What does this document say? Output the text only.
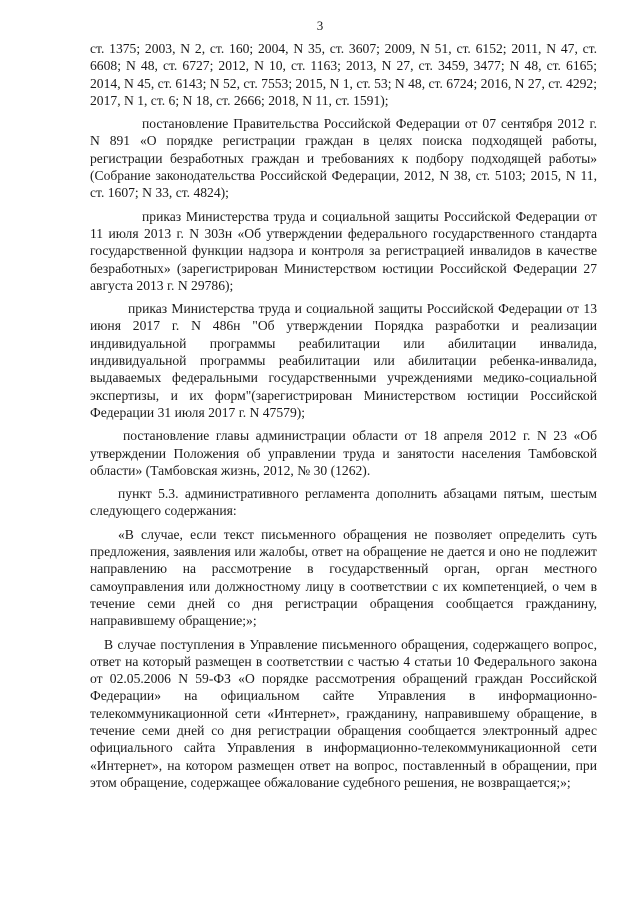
3

ст. 1375; 2003, N 2, ст. 160; 2004, N 35, ст. 3607; 2009, N 51, ст. 6152; 2011, N 47, ст. 6608; N 48, ст. 6727; 2012, N 10, ст. 1163; 2013, N 27, ст. 3459, 3477; N 48, ст. 6165; 2014, N 45, ст. 6143; N 52, ст. 7553; 2015, N 1, ст. 53; N 48, ст. 6724; 2016, N 27, ст. 4292; 2017, N 1, ст. 6; N 18, ст. 2666; 2018, N 11, ст. 1591);

постановление Правительства Российской Федерации от 07 сентября 2012 г. N 891 «О порядке регистрации граждан в целях поиска подходящей работы, регистрации безработных граждан и требованиях к подбору подходящей работы» (Собрание законодательства Российской Федерации, 2012, N 38, ст. 5103; 2015, N 11, ст. 1607; N 33, ст. 4824);

приказ Министерства труда и социальной защиты Российской Федерации от 11 июля 2013 г. N 303н «Об утверждении федерального государственного стандарта государственной функции надзора и контроля за регистрацией инвалидов в качестве безработных» (зарегистрирован Министерством юстиции Российской Федерации 27 августа 2013 г. N 29786);

приказ Министерства труда и социальной защиты Российской Федерации от 13 июня 2017 г. N 486н "Об утверждении Порядка разработки и реализации индивидуальной программы реабилитации или абилитации инвалида, индивидуальной программы реабилитации или абилитации ребенка-инвалида, выдаваемых федеральными государственными учреждениями медико-социальной экспертизы, и их форм"(зарегистрирован Министерством юстиции Российской Федерации 31 июля 2017 г. N 47579);

постановление главы администрации области от 18 апреля 2012 г. N 23 «Об утверждении Положения об управлении труда и занятости населения Тамбовской области» (Тамбовская жизнь, 2012, № 30 (1262).

пункт 5.3. административного регламента дополнить абзацами пятым, шестым следующего содержания:

«В случае, если текст письменного обращения не позволяет определить суть предложения, заявления или жалобы, ответ на обращение не дается и оно не подлежит направлению на рассмотрение в государственный орган, орган местного самоуправления или должностному лицу в соответствии с их компетенцией, о чем в течение семи дней со дня регистрации обращения сообщается гражданину, направившему обращение;»;

В случае поступления в Управление письменного обращения, содержащего вопрос, ответ на который размещен в соответствии с частью 4 статьи 10 Федерального закона от 02.05.2006 N 59-ФЗ «О порядке рассмотрения обращений граждан Российской Федерации» на официальном сайте Управления в информационно-телекоммуникационной сети «Интернет», гражданину, направившему обращение, в течение семи дней со дня регистрации обращения сообщается электронный адрес официального сайта Управления в информационно-телекоммуникационной сети «Интернет», на котором размещен ответ на вопрос, поставленный в обращении, при этом обращение, содержащее обжалование судебного решения, не возвращается;»;
